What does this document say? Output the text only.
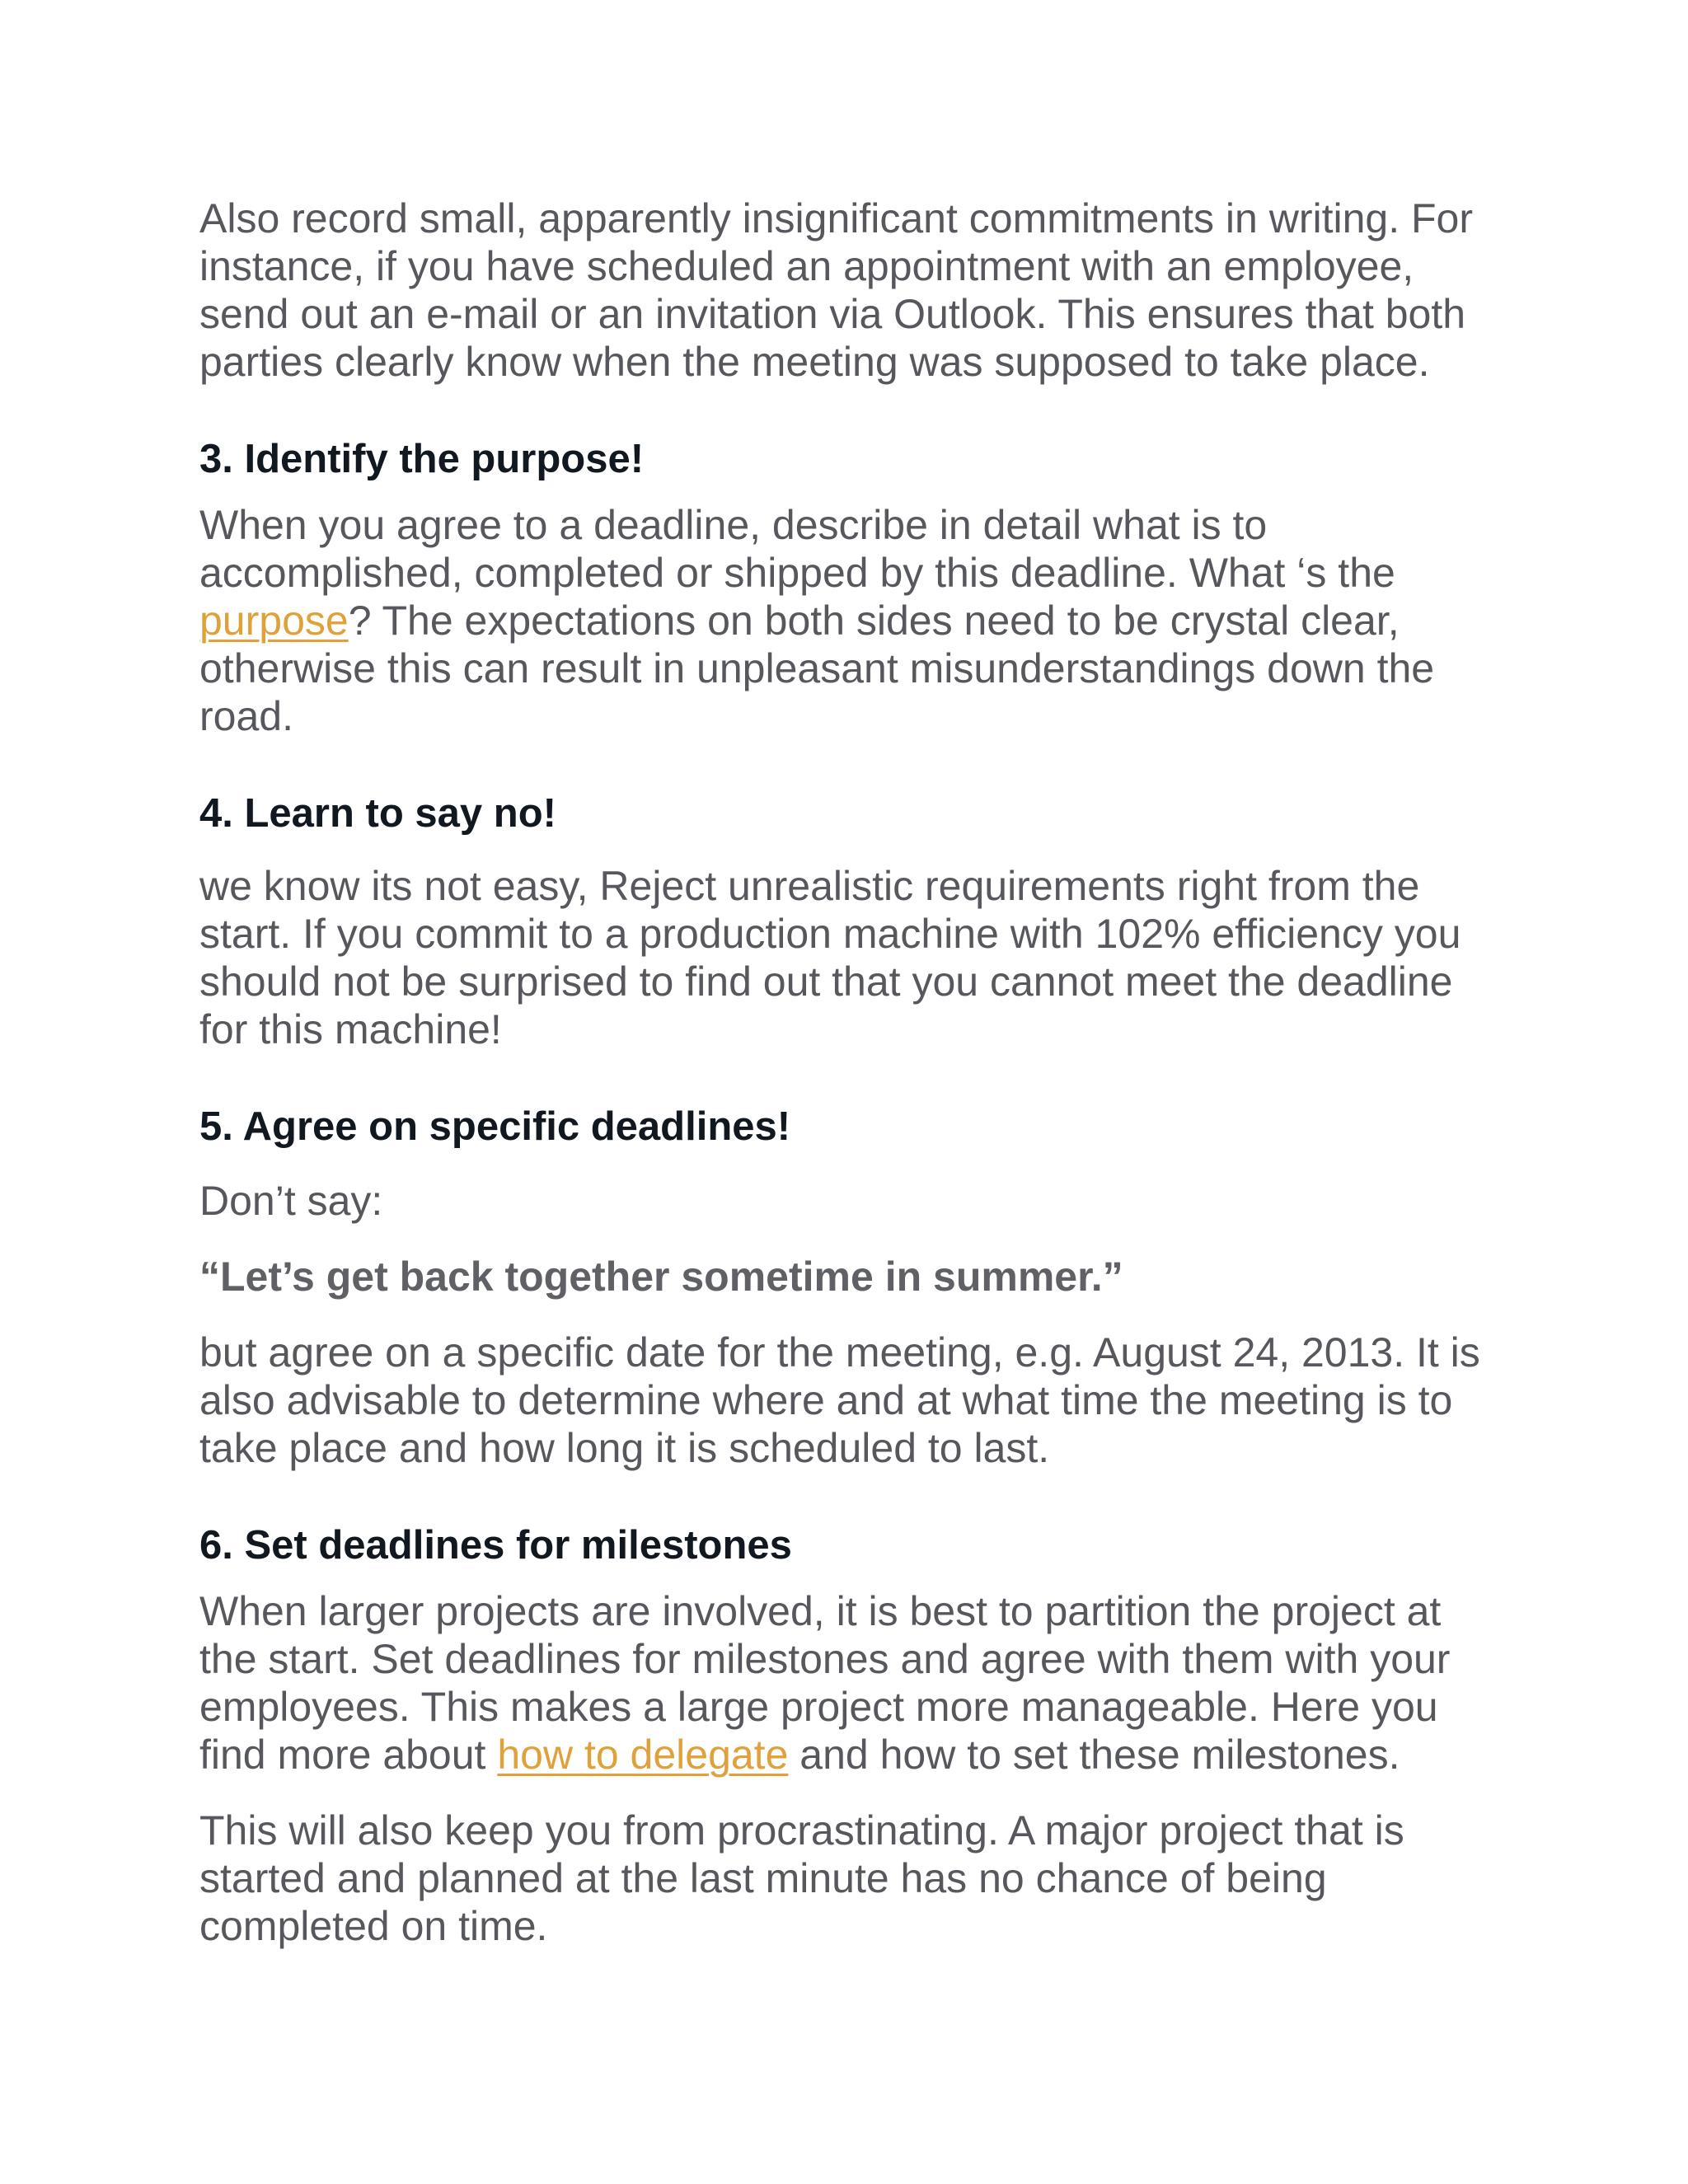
Also record small, apparently insignificant commitments in writing. For instance, if you have scheduled an appointment with an employee, send out an e-mail or an invitation via Outlook. This ensures that both parties clearly know when the meeting was supposed to take place.

3. Identify the purpose!

When you agree to a deadline, describe in detail what is to accomplished, completed or shipped by this deadline. What ‘s the purpose? The expectations on both sides need to be crystal clear, otherwise this can result in unpleasant misunderstandings down the road.

4. Learn to say no!

we know its not easy, Reject unrealistic requirements right from the start. If you commit to a production machine with 102% efficiency you should not be surprised to find out that you cannot meet the deadline for this machine!

5. Agree on specific deadlines!

Don’t say:

“Let’s get back together sometime in summer.”

but agree on a specific date for the meeting, e.g. August 24, 2013. It is also advisable to determine where and at what time the meeting is to take place and how long it is scheduled to last.

6. Set deadlines for milestones

When larger projects are involved, it is best to partition the project at the start. Set deadlines for milestones and agree with them with your employees. This makes a large project more manageable. Here you find more about how to delegate and how to set these milestones.

This will also keep you from procrastinating. A major project that is started and planned at the last minute has no chance of being completed on time.
